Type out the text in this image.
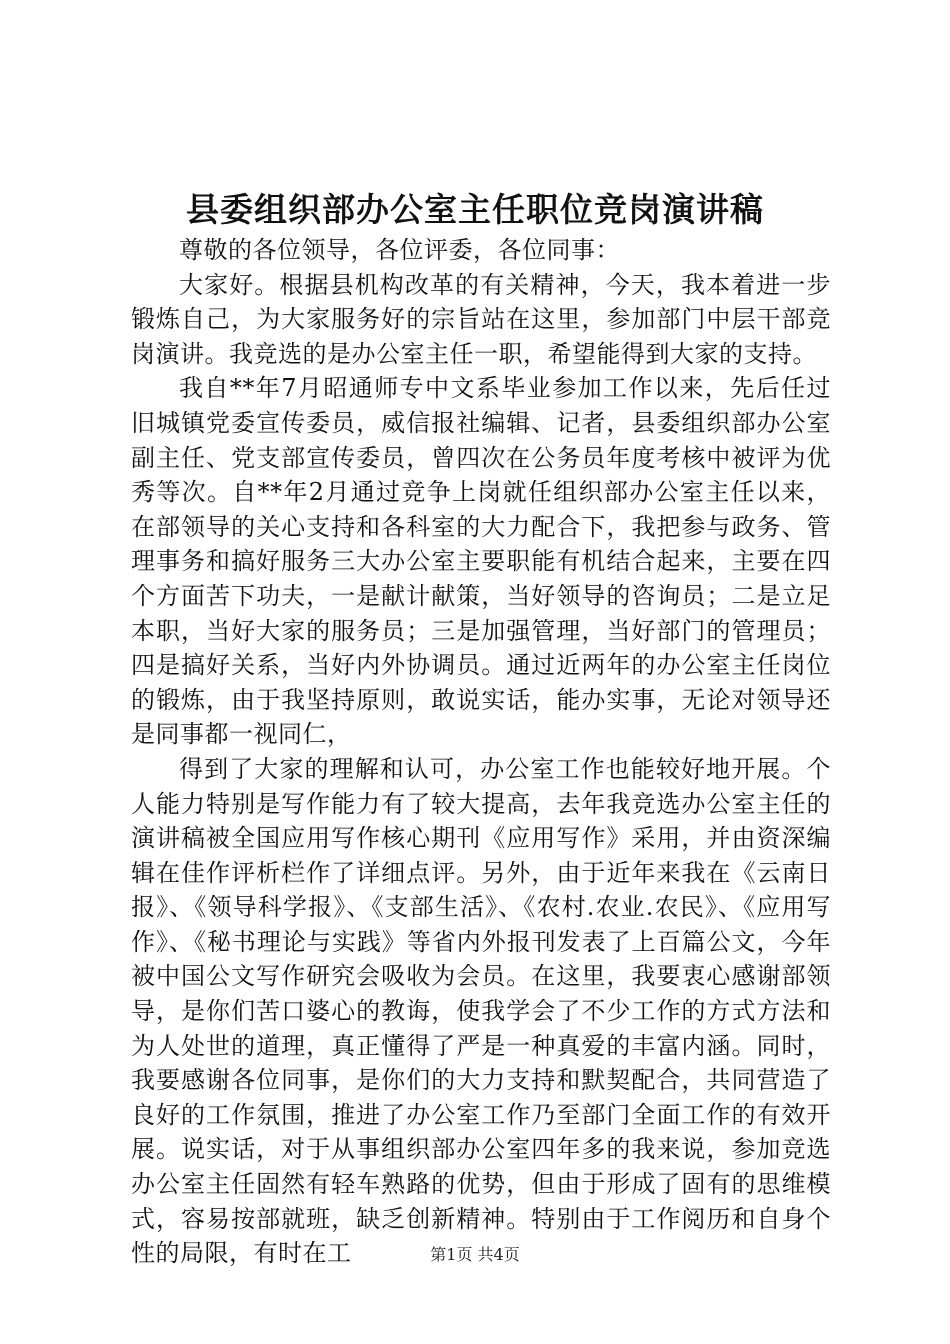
县委组织部办公室主任职位竞岗演讲稿

尊敬的各位领导，各位评委，各位同事：

大家好。根据县机构改革的有关精神，今天，我本着进一步锻炼自己，为大家服务好的宗旨站在这里，参加部门中层干部竞岗演讲。我竞选的是办公室主任一职，希望能得到大家的支持。

我自**年7月昭通师专中文系毕业参加工作以来，先后任过旧城镇党委宣传委员，威信报社编辑、记者，县委组织部办公室副主任、党支部宣传委员，曾四次在公务员年度考核中被评为优秀等次。自**年2月通过竞争上岗就任组织部办公室主任以来，在部领导的关心支持和各科室的大力配合下，我把参与政务、管理事务和搞好服务三大办公室主要职能有机结合起来，主要在四个方面苦下功夫，一是献计献策，当好领导的咨询员；二是立足本职，当好大家的服务员；三是加强管理，当好部门的管理员；四是搞好关系，当好内外协调员。通过近两年的办公室主任岗位的锻炼，由于我坚持原则，敢说实话，能办实事，无论对领导还是同事都一视同仁，

得到了大家的理解和认可，办公室工作也能较好地开展。个人能力特别是写作能力有了较大提高，去年我竞选办公室主任的演讲稿被全国应用写作核心期刊《应用写作》采用，并由资深编辑在佳作评析栏作了详细点评。另外，由于近年来我在《云南日报》、《领导科学报》、《支部生活》、《农村.农业.农民》、《应用写作》、《秘书理论与实践》等省内外报刊发表了上百篇公文，今年被中国公文写作研究会吸收为会员。在这里，我要衷心感谢部领导，是你们苦口婆心的教诲，使我学会了不少工作的方式方法和为人处世的道理，真正懂得了严是一种真爱的丰富内涵。同时，我要感谢各位同事，是你们的大力支持和默契配合，共同营造了良好的工作氛围，推进了办公室工作乃至部门全面工作的有效开展。说实话，对于从事组织部办公室四年多的我来说，参加竞选办公室主任固然有轻车熟路的优势，但由于形成了固有的思维模式，容易按部就班，缺乏创新精神。特别由于工作阅历和自身个性的局限，有时在工	第1页 共4页
